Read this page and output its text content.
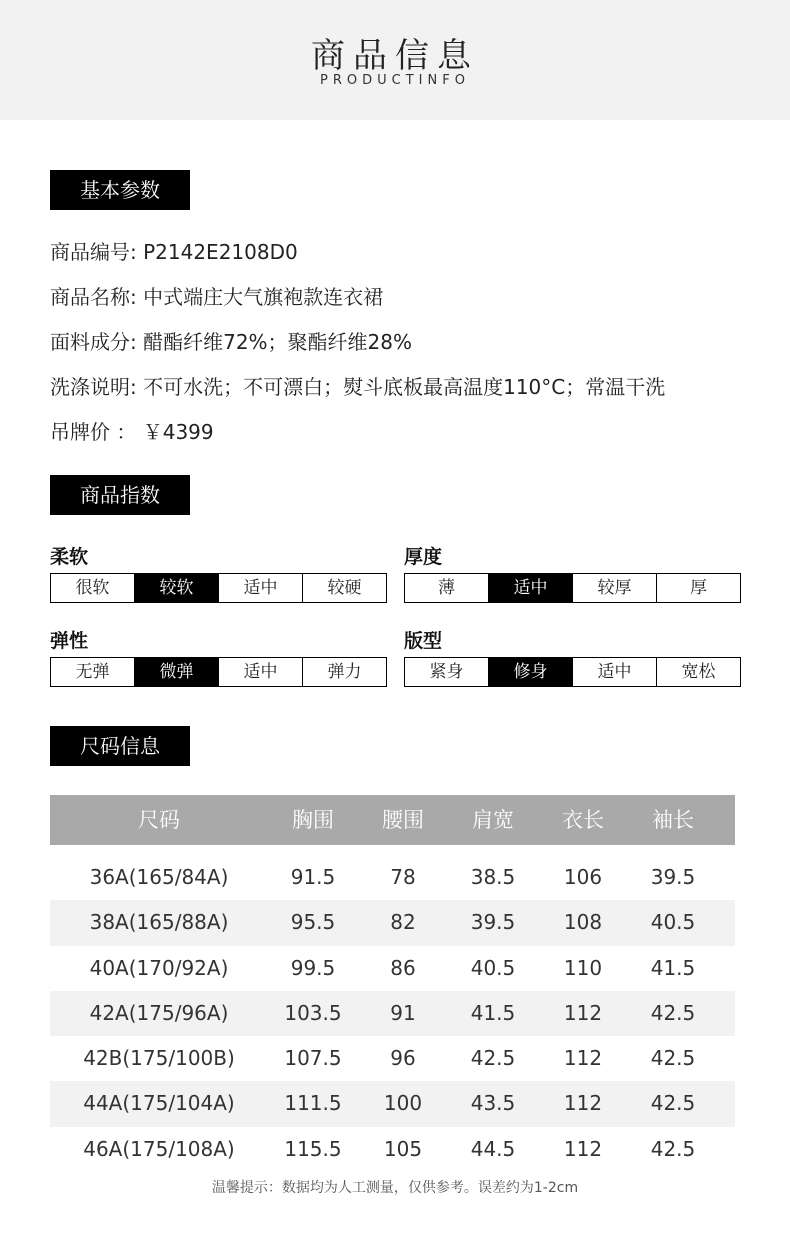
商品信息
PRODUCTINFO
基本参数
商品编号: P2142E2108D0
商品名称: 中式端庄大气旗袍款连衣裙
面料成分: 醋酯纤维72%；聚酯纤维28%
洗涤说明: 不可水洗；不可漂白；熨斗底板最高温度110°C；常温干洗
吊牌价 ： ￥4399
商品指数
柔软
很软	较软	适中	较硬
厚度
薄	适中	较厚	厚
弹性
无弹	微弹	适中	弹力
版型
紧身	修身	适中	宽松
尺码信息
尺码	胸围	腰围	肩宽	衣长	袖长
36A(165/84A)	91.5	78	38.5	106	39.5
38A(165/88A)	95.5	82	39.5	108	40.5
40A(170/92A)	99.5	86	40.5	110	41.5
42A(175/96A)	103.5	91	41.5	112	42.5
42B(175/100B)	107.5	96	42.5	112	42.5
44A(175/104A)	111.5	100	43.5	112	42.5
46A(175/108A)	115.5	105	44.5	112	42.5
温馨提示：数据均为人工测量，仅供参考。误差约为1-2cm
